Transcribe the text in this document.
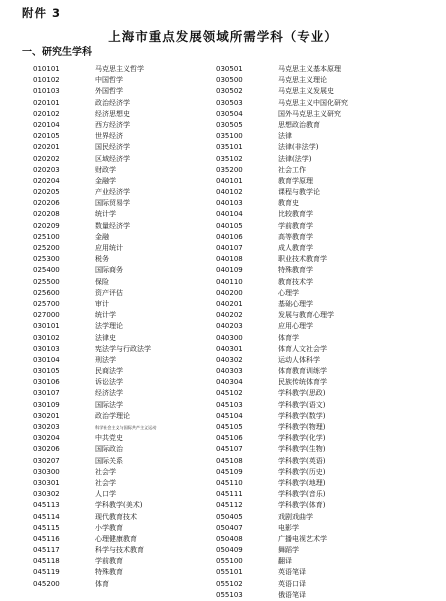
附件 3
上海市重点发展领域所需学科（专业）
一、研究生学科
010101	马克思主义哲学
010102	中国哲学
010103	外国哲学
020101	政治经济学
020102	经济思想史
020104	西方经济学
020105	世界经济
020201	国民经济学
020202	区域经济学
020203	财政学
020204	金融学
020205	产业经济学
020206	国际贸易学
020208	统计学
020209	数量经济学
025100	金融
025200	应用统计
025300	税务
025400	国际商务
025500	保险
025600	资产评估
025700	审计
027000	统计学
030101	法学理论
030102	法律史
030103	宪法学与行政法学
030104	刑法学
030105	民商法学
030106	诉讼法学
030107	经济法学
030109	国际法学
030201	政治学理论
030203	科学社会主义与国际共产主义运动
030204	中共党史
030206	国际政治
030207	国际关系
030300	社会学
030301	社会学
030302	人口学
045113	学科教学(美术)
045114	现代教育技术
045115	小学教育
045116	心理健康教育
045117	科学与技术教育
045118	学前教育
045119	特殊教育
045200	体育
030501	马克思主义基本原理
030500	马克思主义理论
030502	马克思主义发展史
030503	马克思主义中国化研究
030504	国外马克思主义研究
030505	思想政治教育
035100	法律
035101	法律(非法学)
035102	法律(法学)
035200	社会工作
040101	教育学原理
040102	课程与教学论
040103	教育史
040104	比较教育学
040105	学前教育学
040106	高等教育学
040107	成人教育学
040108	职业技术教育学
040109	特殊教育学
040110	教育技术学
040200	心理学
040201	基础心理学
040202	发展与教育心理学
040203	应用心理学
040300	体育学
040301	体育人文社会学
040302	运动人体科学
040303	体育教育训练学
040304	民族传统体育学
045102	学科教学(思政)
045103	学科教学(语文)
045104	学科教学(数学)
045105	学科教学(物理)
045106	学科教学(化学)
045107	学科教学(生物)
045108	学科教学(英语)
045109	学科教学(历史)
045110	学科教学(地理)
045111	学科教学(音乐)
045112	学科教学(体育)
050405	戏剧戏曲学
050407	电影学
050408	广播电视艺术学
050409	舞蹈学
055100	翻译
055101	英语笔译
055102	英语口译
055103	俄语笔译
